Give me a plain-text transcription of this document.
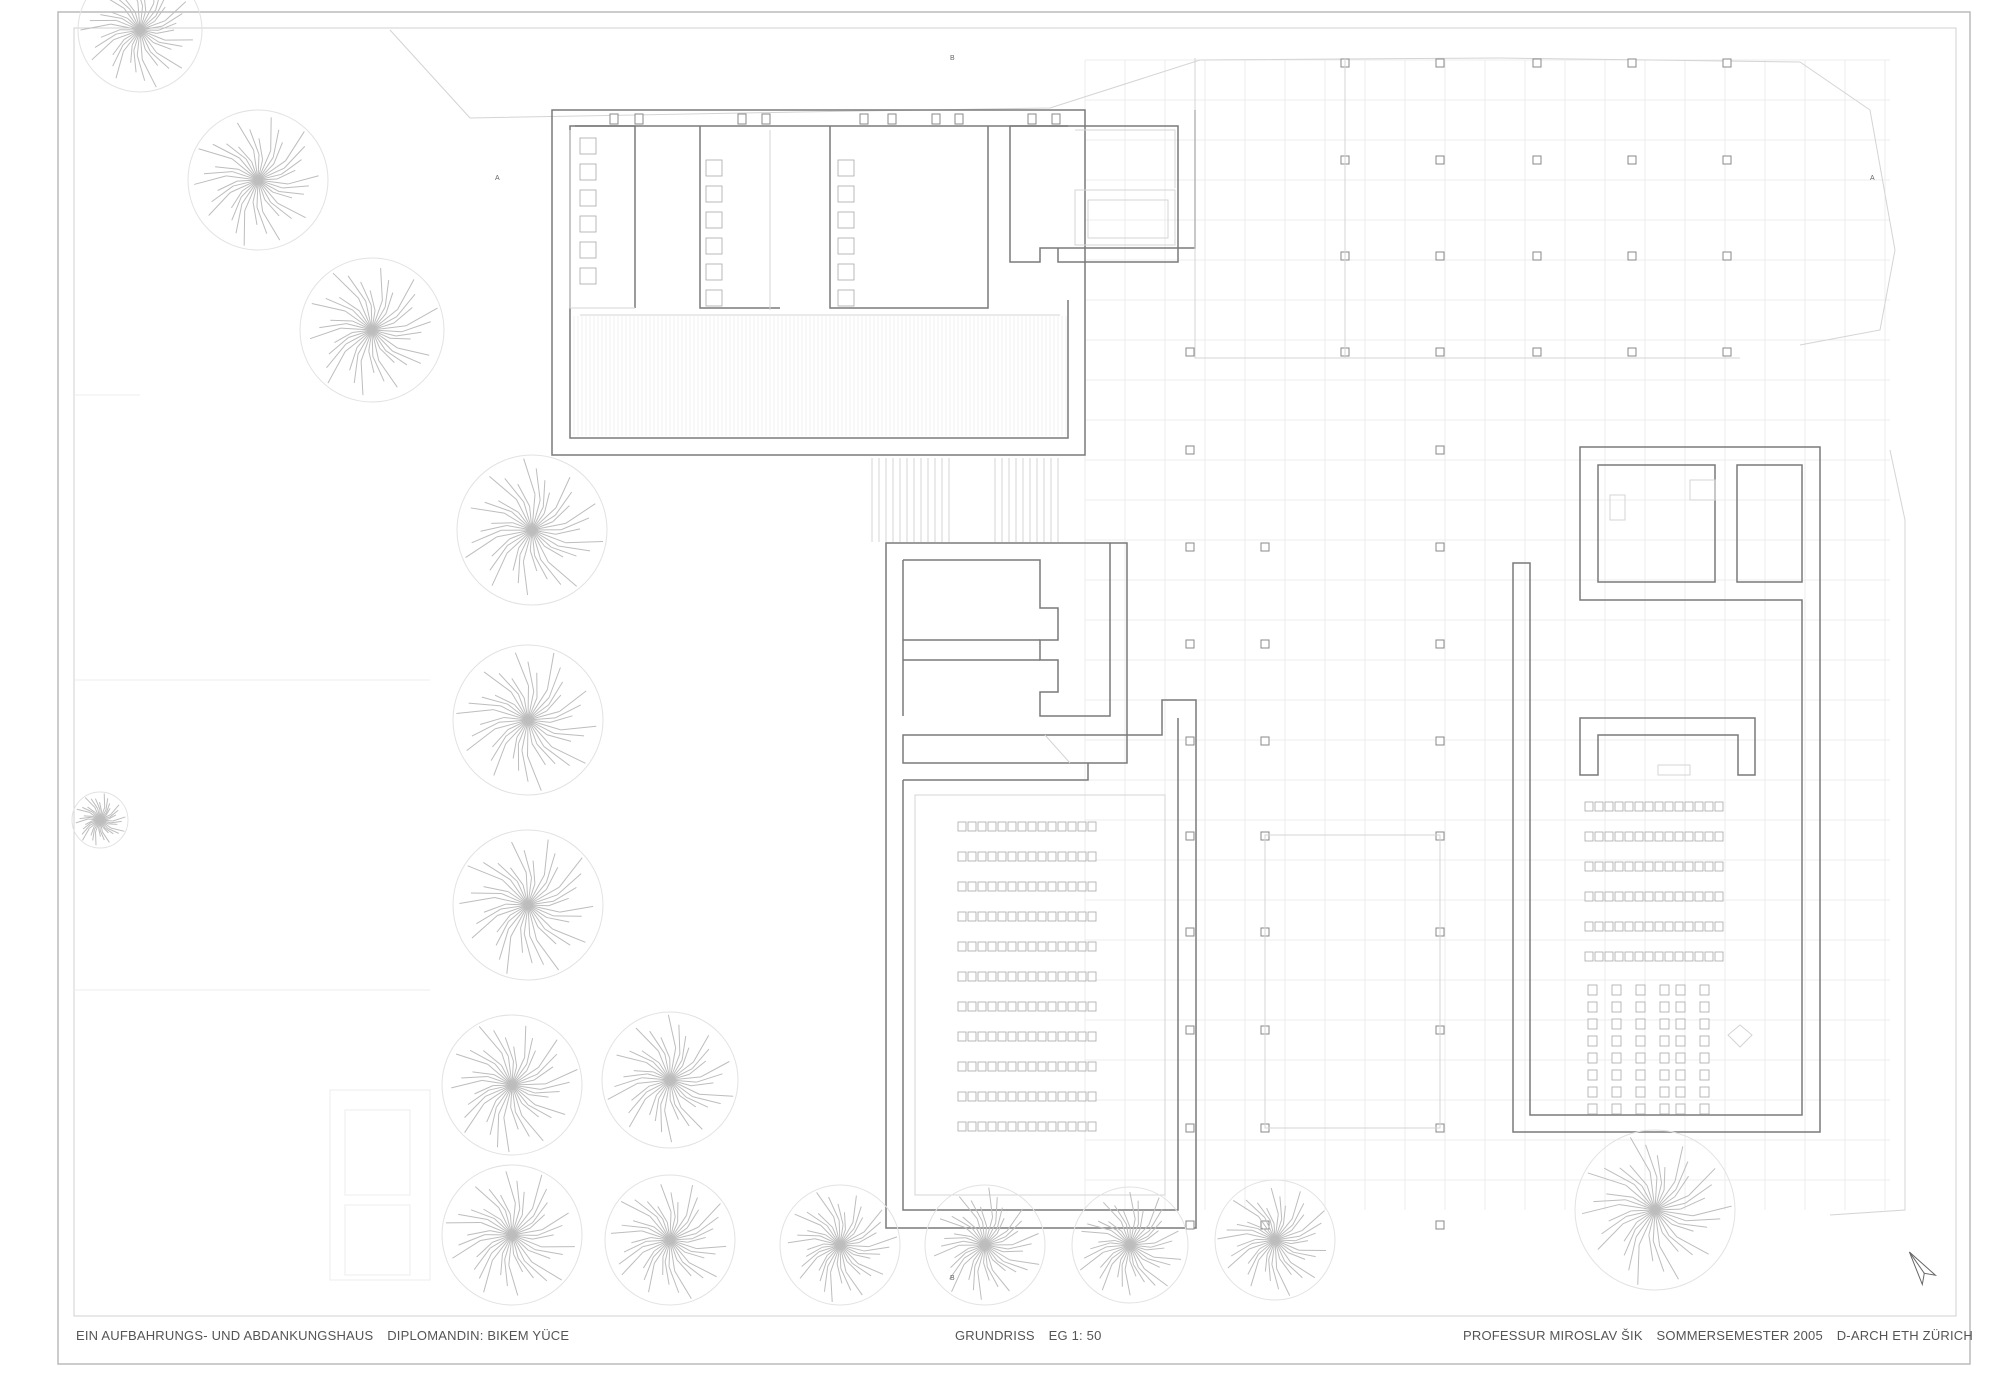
A	A
B
B
EIN AUFBAHRUNGS- UND ABDANKUNGSHAUS DIPLOMANDIN: BIKEM YÜCE	GRUNDRISS EG 1: 50	PROFESSUR MIROSLAV ŠIK SOMMERSEMESTER 2005 D-ARCH ETH ZÜRICH
